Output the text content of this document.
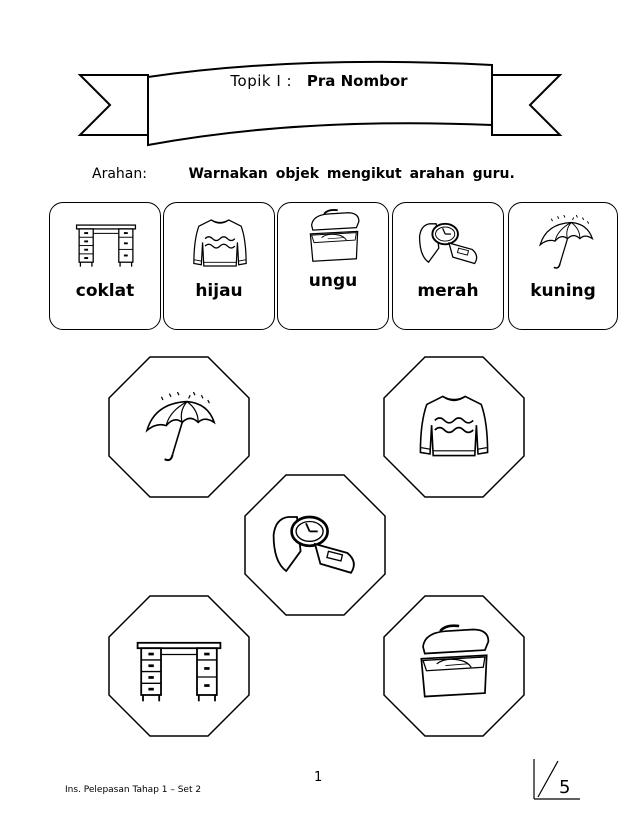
Topik I : Pra Nombor
Arahan:	Warnakan objek mengikut arahan guru.
coklat	hijau	ungu	merah	kuning
Ins. Pelepasan Tahap 1 – Set 2
1	5
